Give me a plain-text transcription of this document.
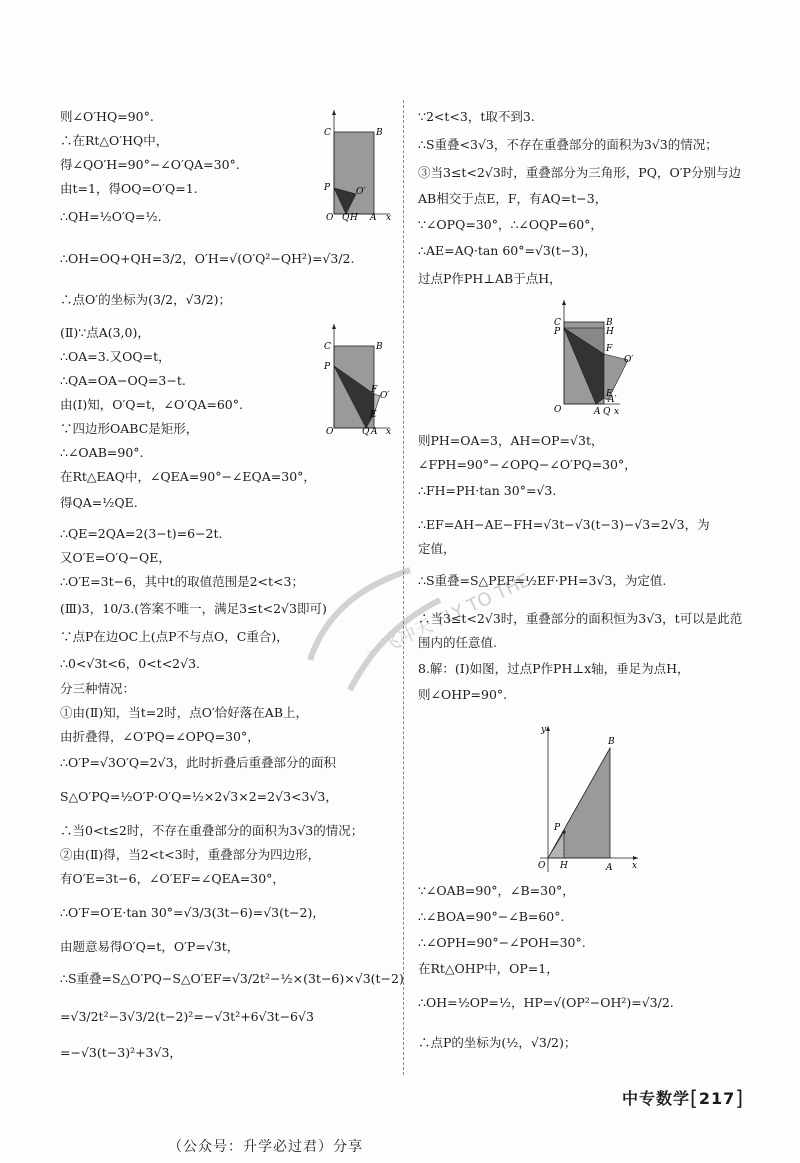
则∠O′HQ=90°.
∴在Rt△O′HQ中，
得∠QO′H=90°−∠O′QA=30°.
由t=1，得OQ=O′Q=1.
∴QH=½O′Q=½.
∴OH=OQ+QH=3/2，O′H=√(O′Q²−QH²)=√3/2.
∴点O′的坐标为(3/2，√3/2)；
(Ⅱ)∵点A(3,0)，
∴OA=3.又OQ=t，
∴QA=OA−OQ=3−t.
由(Ⅰ)知，O′Q=t，∠O′QA=60°.
∵四边形OABC是矩形，
∴∠OAB=90°.
在Rt△EAQ中，∠QEA=90°−∠EQA=30°，
得QA=½QE.
∴QE=2QA=2(3−t)=6−2t.
又O′E=O′Q−QE，
∴O′E=3t−6，其中t的取值范围是2<t<3；
(Ⅲ)3，10/3.(答案不唯一，满足3≤t<2√3即可)
∵点P在边OC上(点P不与点O，C重合)，
∴0<√3t<6，0<t<2√3.
分三种情况：
①由(Ⅱ)知，当t=2时，点O′恰好落在AB上，
由折叠得，∠O′PQ=∠OPQ=30°，
∴O′P=√3O′Q=2√3，此时折叠后重叠部分的面积
S△O′PQ=½O′P·O′Q=½×2√3×2=2√3<3√3，
∴当0<t≤2时，不存在重叠部分的面积为3√3的情况；
②由(Ⅱ)得，当2<t<3时，重叠部分为四边形，
有O′E=3t−6，∠O′EF=∠QEA=30°，
∴O′F=O′E·tan 30°=√3/3(3t−6)=√3(t−2)，
由题意易得O′Q=t，O′P=√3t，
∴S重叠=S△O′PQ−S△O′EF=√3/2t²−½×(3t−6)×√3(t−2)
=√3/2t²−3√3/2(t−2)²=−√3t²+6√3t−6√3
=−√3(t−3)²+3√3，
x
O Q H A
P
C	B
O′
x
O	Q A
P
C	B
F
E
O′
∵2<t<3，t取不到3.
∴S重叠<3√3，不存在重叠部分的面积为3√3的情况；
③当3≤t<2√3时，重叠部分为三角形，PQ，O′P分别与边
AB相交于点E，F，有AQ=t−3，
∵∠OPQ=30°，∴∠OQP=60°，
∴AE=AQ·tan 60°=√3(t−3)，
过点P作PH⊥AB于点H，
则PH=OA=3，AH=OP=√3t，
∠FPH=90°−∠OPQ−∠O′PQ=30°，
∴FH=PH·tan 30°=√3.
∴EF=AH−AE−FH=√3t−√3(t−3)−√3=2√3，为
定值，
∴S重叠=S△PEF=½EF·PH=3√3，为定值.
∴当3≤t<2√3时，重叠部分的面积恒为3√3，t可以是此范
围内的任意值.
8.解：(Ⅰ)如图，过点P作PH⊥x轴，垂足为点H，
则∠OHP=90°.
∵∠OAB=90°，∠B=30°，
∴∠BOA=90°−∠B=60°.
∴∠OPH=90°−∠POH=30°.
在Rt△OHP中，OP=1，
∴OH=½OP=½，HP=√(OP²−OH²)=√3/2.
∴点P的坐标为(½，√3/2)；
x
O	A Q
P
C	B
H
F
E
A′
O′
x
y
O H	A
P
B
一飞冲天 FLY TO THE
中专数学[217]
（公众号：升学必过君）分享
